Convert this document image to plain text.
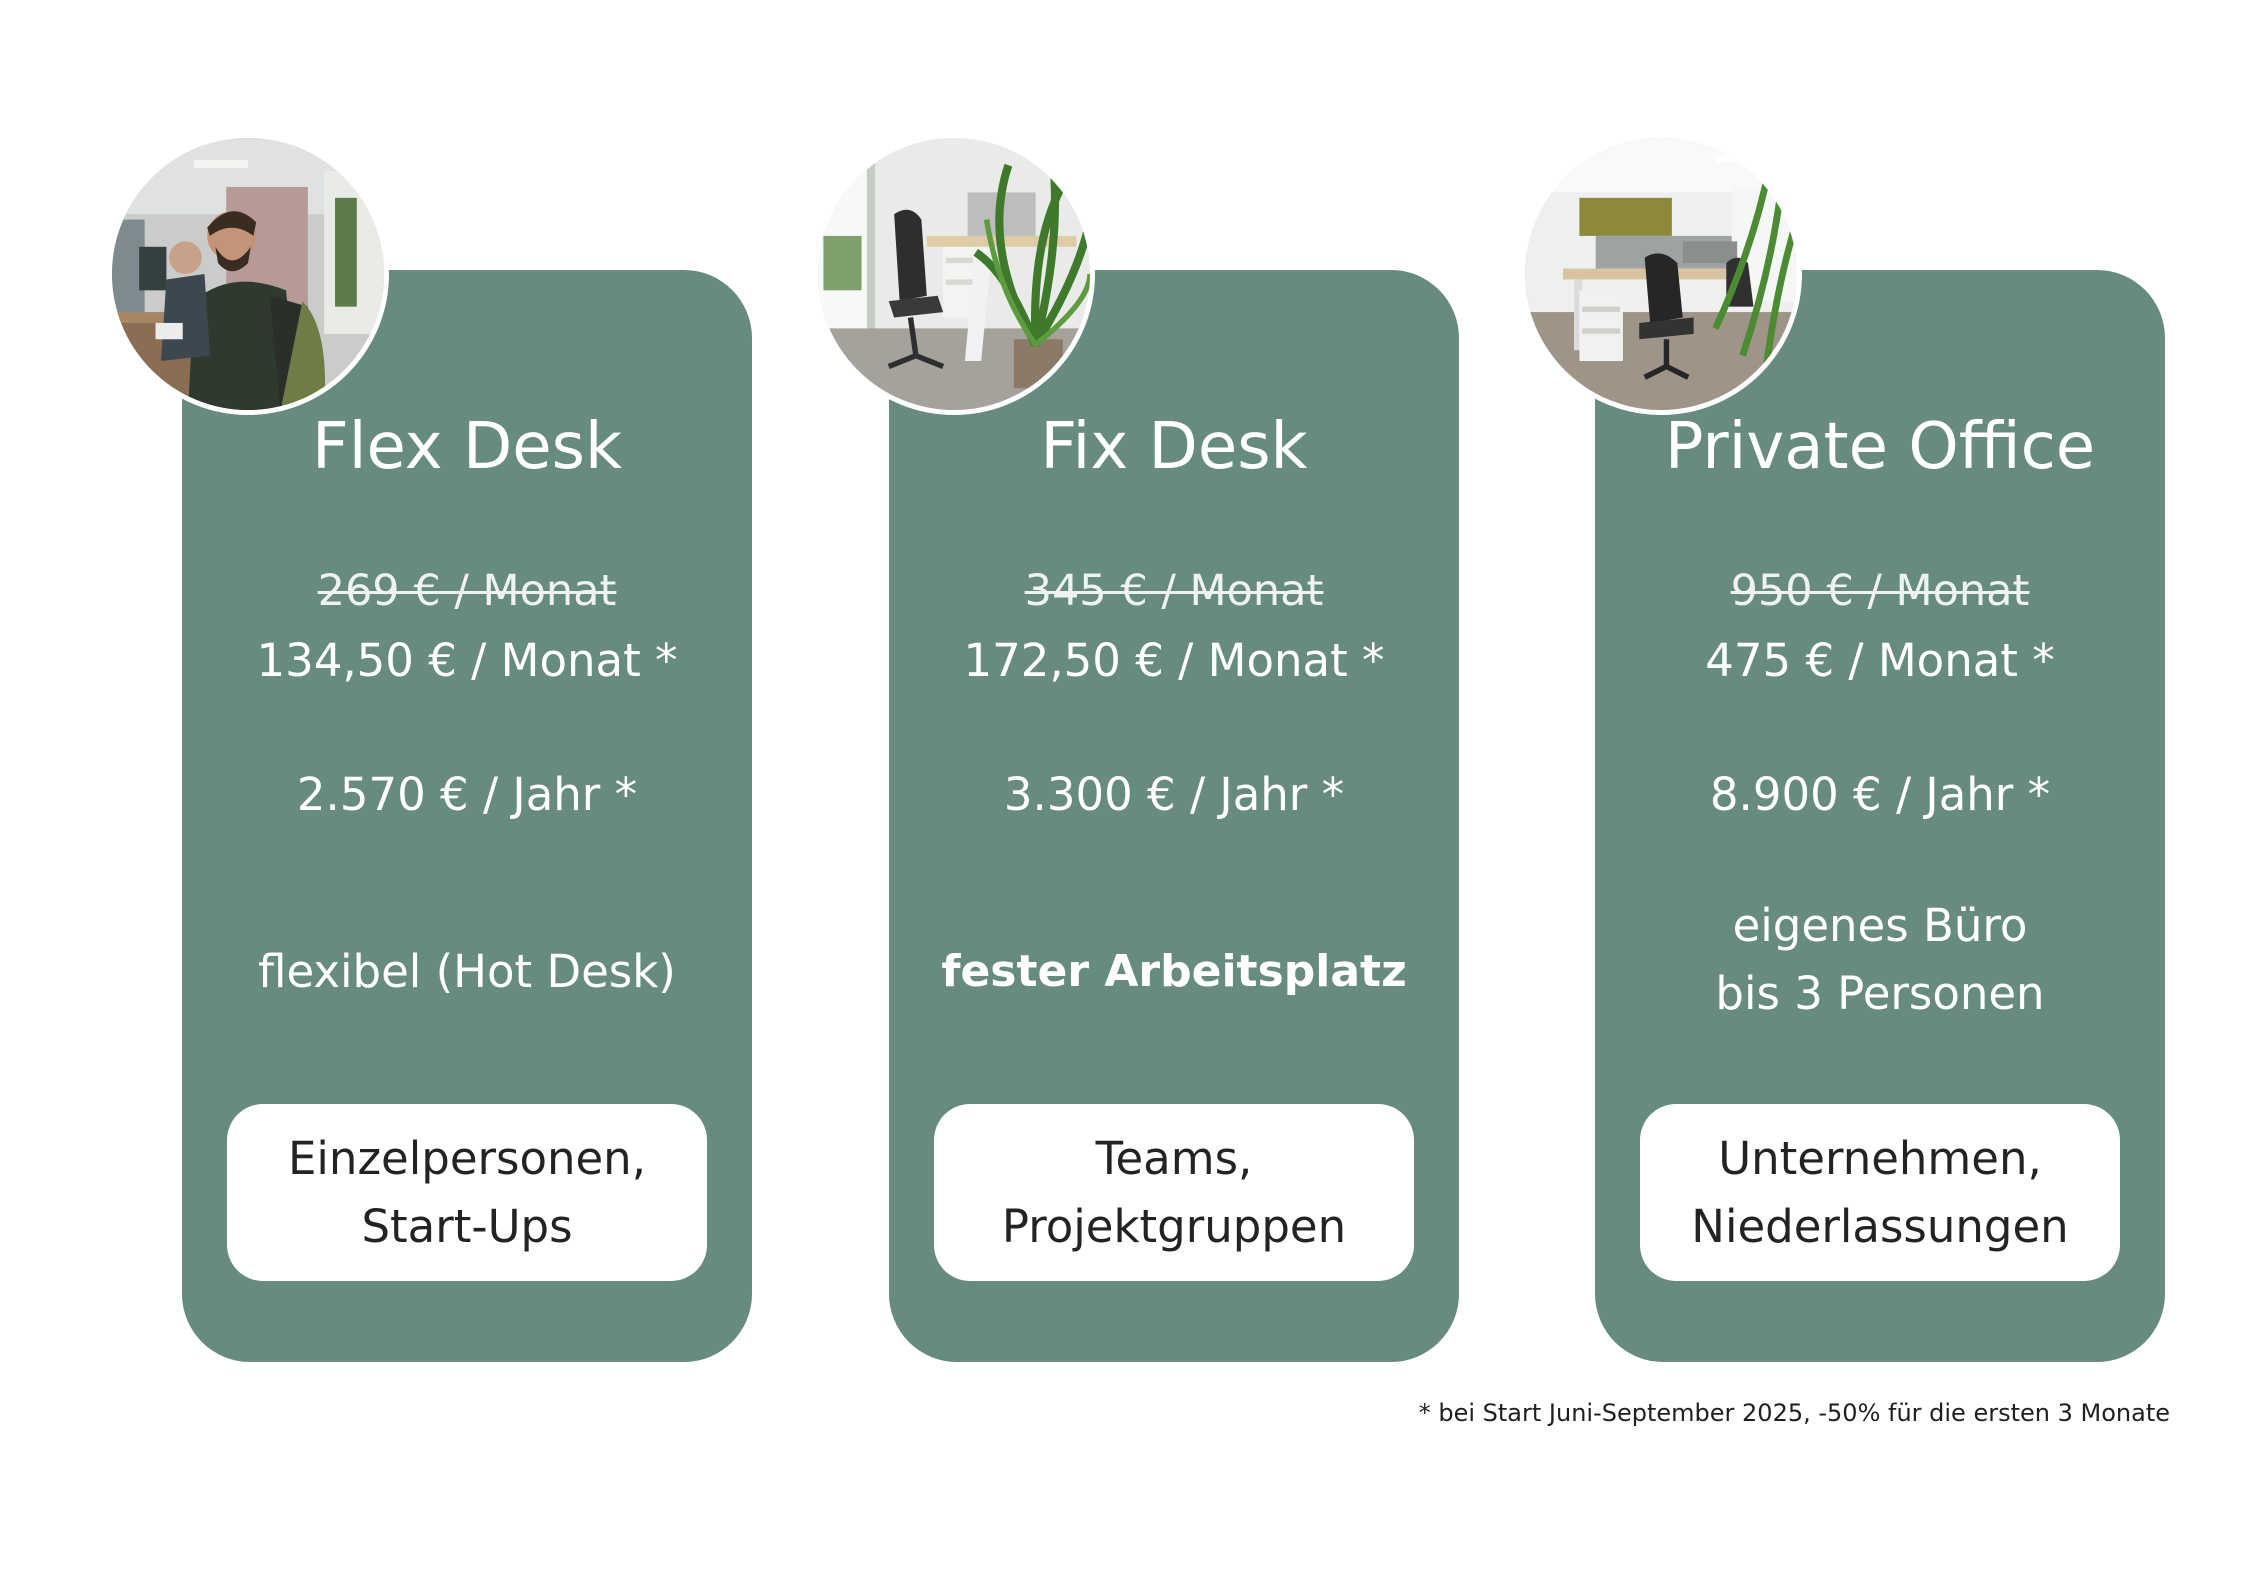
Flex Desk
269 € / Monat
134,50 € / Monat *
2.570 € / Jahr *
flexibel (Hot Desk)
Einzelpersonen,
Start-Ups
Fix Desk
345 € / Monat
172,50 € / Monat *
3.300 € / Jahr *
fester Arbeitsplatz
Teams,
Projektgruppen
Private Office
950 € / Monat
475 € / Monat *
8.900 € / Jahr *
eigenes Büro
bis 3 Personen
Unternehmen,
Niederlassungen
* bei Start Juni-September 2025, -50% für die ersten 3 Monate
